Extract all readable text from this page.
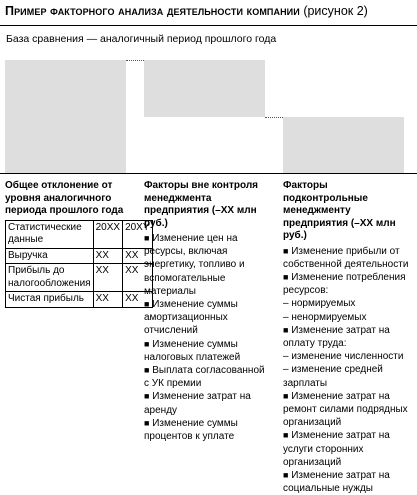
Пример факторного анализа деятельности компании (рисунок 2)
База сравнения — аналогичный период прошлого года
Общее отклонение от уровня аналогичного периода прошлого года
Статистические данные	20XX	20XY
Выручка	XX	XX
Прибыль до налогообложения	XX	XX
Чистая прибыль	XX	XX
Факторы вне контроля менеджмента предприятия (–XX млн руб.)
■ Изменение цен на ресурсы, включая энергетику, топливо и вспомогательные материалы
■ Изменение суммы амортизационных отчислений
■ Изменение суммы налоговых платежей
■ Выплата согласованной с УК премии
■ Изменение затрат на аренду
■ Изменение суммы процентов к уплате
Факторы подконтрольные менеджменту предприятия (–XX млн руб.)
■ Изменение прибыли от собственной деятельности
■ Изменение потребления ресурсов:
– нормируемых
– ненормируемых
■ Изменение затрат на оплату труда:
– изменение численности
– изменение средней зарплаты
■ Изменение затрат на ремонт силами подрядных организаций
■ Изменение затрат на услуги сторонних организаций
■ Изменение затрат на социальные нужды
